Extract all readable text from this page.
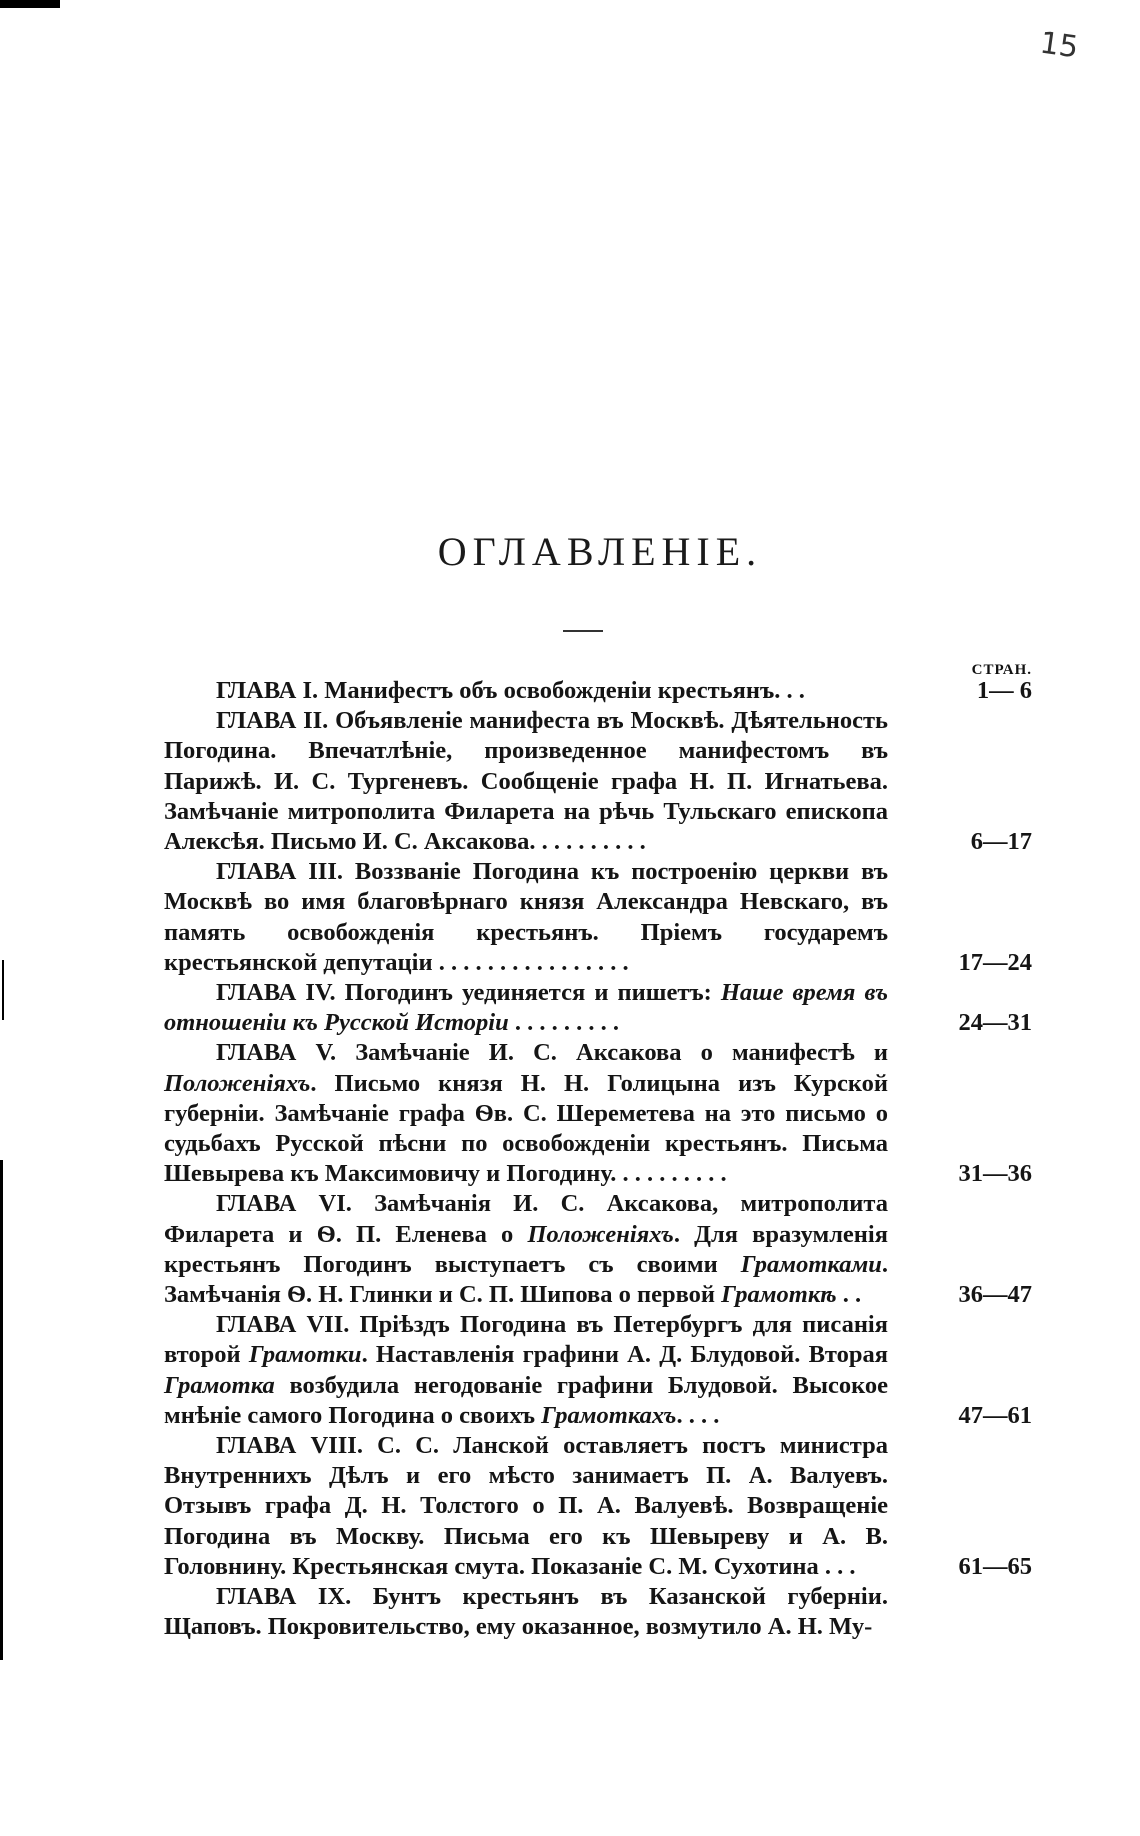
15
ОГЛАВЛЕНІЕ.
СТРАН.
ГЛАВА I. Манифестъ объ освобожденіи крестьянъ. . .	1— 6
ГЛАВА II. Объявленіе манифеста въ Москвѣ. Дѣятельность Погодина. Впечатлѣніе, произведенное манифестомъ въ Парижѣ. И. С. Тургеневъ. Сообщеніе графа Н. П. Игнатьева. Замѣчаніе митрополита Филарета на рѣчь Тульскаго епископа Алексѣя. Письмо И. С. Аксакова. . . . . . . . . .	6—17
ГЛАВА III. Воззваніе Погодина къ построенію церкви въ Москвѣ во имя благовѣрнаго князя Александра Невскаго, въ память освобожденія крестьянъ. Пріемъ государемъ крестьянской депутаціи . . . . . . . . . . . . . . . .	17—24
ГЛАВА IV. Погодинъ уединяется и пишетъ: Наше время въ отношеніи къ Русской Исторіи . . . . . . . . .	24—31
ГЛАВА V. Замѣчаніе И. С. Аксакова о манифестѣ и Положеніяхъ. Письмо князя Н. Н. Голицына изъ Курской губерніи. Замѣчаніе графа Ѳв. С. Шереметева на это письмо о судьбахъ Русской пѣсни по освобожденіи крестьянъ. Письма Шевырева къ Максимовичу и Погодину. . . . . . . . . .	31—36
ГЛАВА VI. Замѣчанія И. С. Аксакова, митрополита Филарета и Ѳ. П. Еленева о Положеніяхъ. Для вразумленія крестьянъ Погодинъ выступаетъ съ своими Грамотками. Замѣчанія Ѳ. Н. Глинки и С. П. Шипова о первой Грамоткѣ . .	36—47
ГЛАВА VII. Пріѣздъ Погодина въ Петербургъ для писанія второй Грамотки. Наставленія графини А. Д. Блудовой. Вторая Грамотка возбудила негодованіе графини Блудовой. Высокое мнѣніе самого Погодина о своихъ Грамоткахъ. . . .	47—61
ГЛАВА VIII. С. С. Ланской оставляетъ постъ министра Внутреннихъ Дѣлъ и его мѣсто занимаетъ П. А. Валуевъ. Отзывъ графа Д. Н. Толстого о П. А. Валуевѣ. Возвращеніе Погодина въ Москву. Письма его къ Шевыреву и А. В. Головнину. Крестьянская смута. Показаніе С. М. Сухотина . . .	61—65
ГЛАВА IX. Бунтъ крестьянъ въ Казанской губерніи. Щаповъ. Покровительство, ему оказанное, возмутило А. Н. Му-
